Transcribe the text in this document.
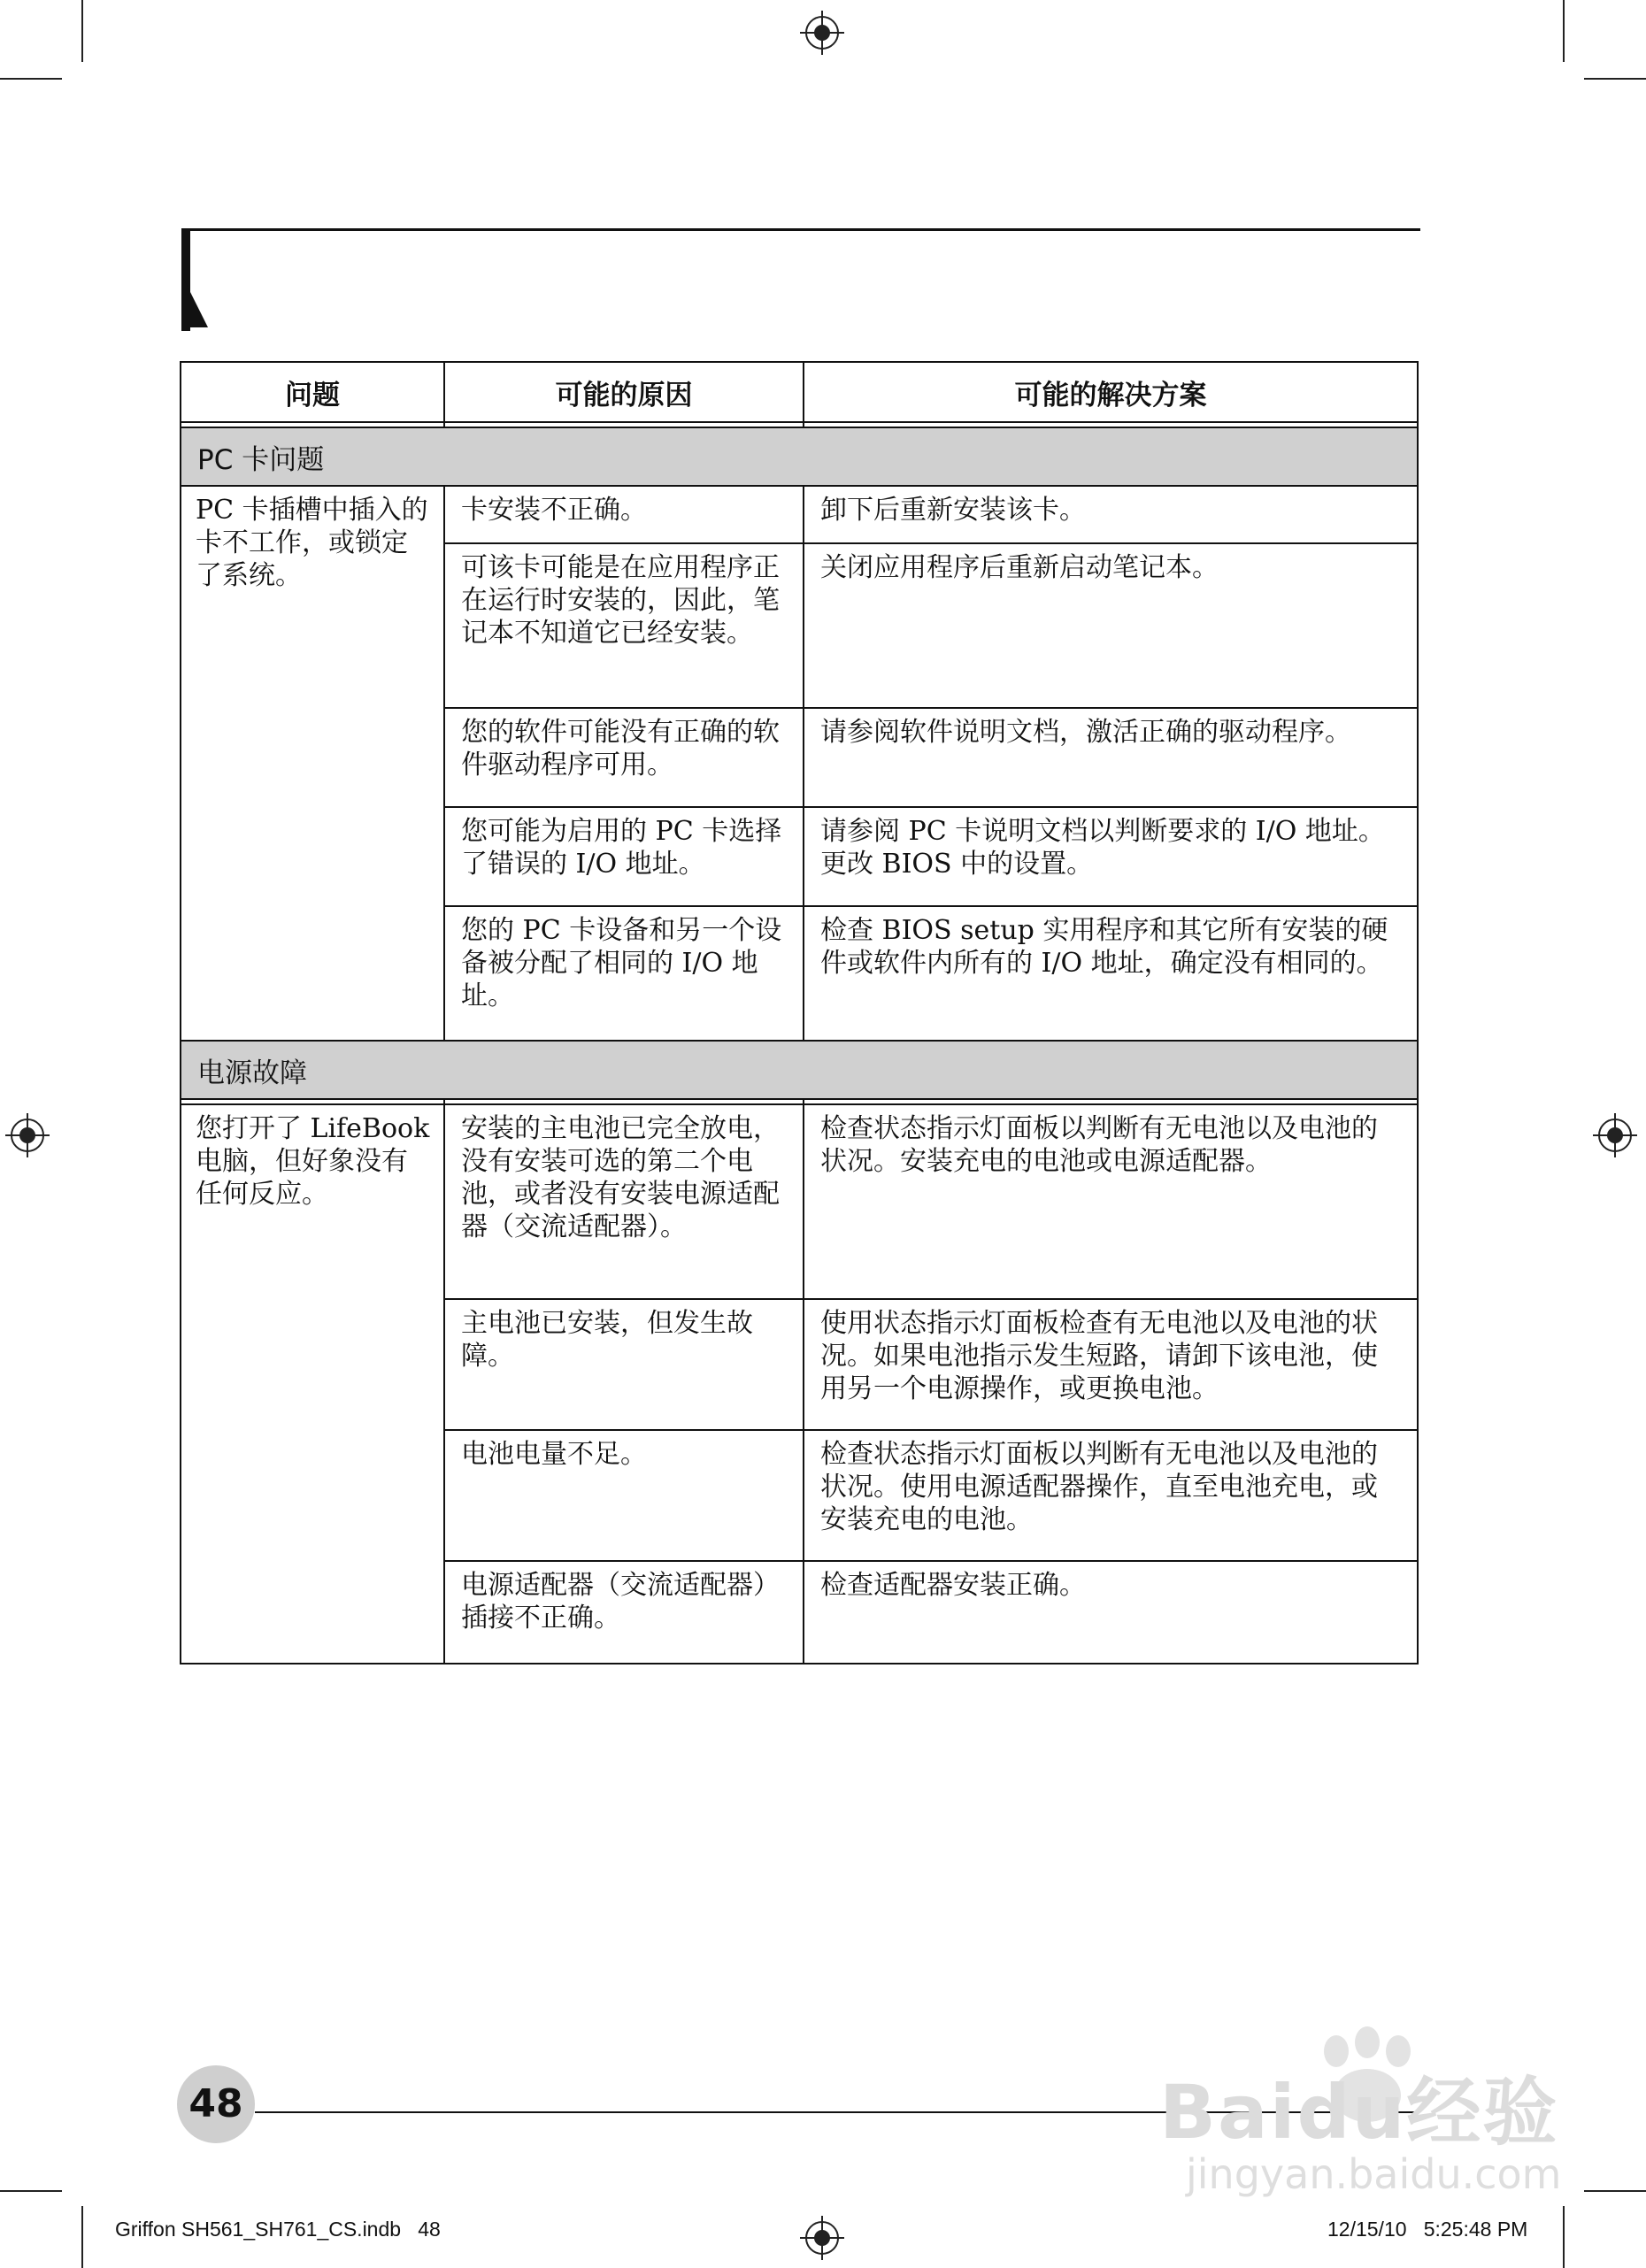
问题	可能的原因	可能的解决方案

PC 卡问题		
PC 卡插槽中插入的卡不工作，或锁定了系统。	卡安装不正确。	卸下后重新安装该卡。
	可该卡可能是在应用程序正在运行时安装的，因此，笔记本不知道它已经安装。	关闭应用程序后重新启动笔记本。
	您的软件可能没有正确的软件驱动程序可用。	请参阅软件说明文档，激活正确的驱动程序。
	您可能为启用的 PC 卡选择了错误的 I/O 地址。	请参阅 PC 卡说明文档以判断要求的 I/O 地址。更改 BIOS 中的设置。
	您的 PC 卡设备和另一个设备被分配了相同的 I/O 地址。	检查 BIOS setup 实用程序和其它所有安装的硬件或软件内所有的 I/O 地址，确定没有相同的。
电源故障		

您打开了 LifeBook 电脑，但好象没有任何反应。	安装的主电池已完全放电，没有安装可选的第二个电池，或者没有安装电源适配器（交流适配器）。	检查状态指示灯面板以判断有无电池以及电池的状况。安装充电的电池或电源适配器。
	主电池已安装，但发生故障。	使用状态指示灯面板检查有无电池以及电池的状况。如果电池指示发生短路，请卸下该电池，使用另一个电源操作，或更换电池。
	电池电量不足。	检查状态指示灯面板以判断有无电池以及电池的状况。使用电源适配器操作，直至电池充电，或安装充电的电池。
	电源适配器（交流适配器）插接不正确。	检查适配器安装正确。
48	Baidu经验
jingyan.baidu.com
Griffon SH561_SH761_CS.indb   48	12/15/10   5:25:48 PM
